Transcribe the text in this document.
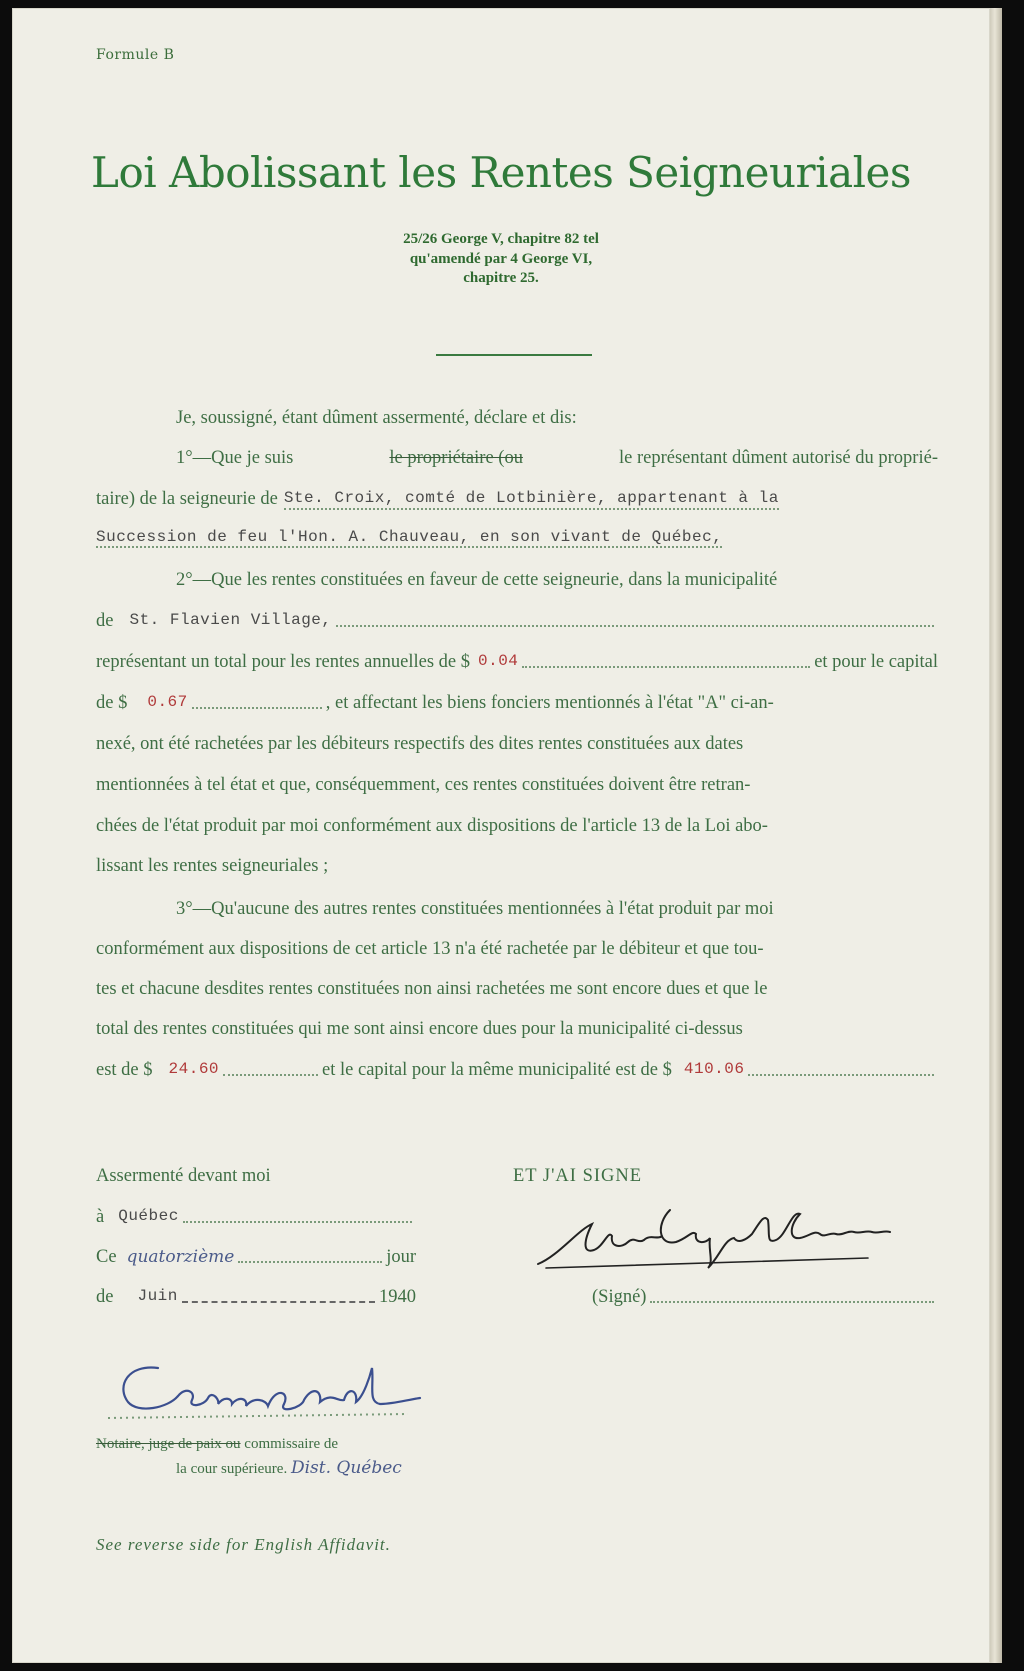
Formule B
Loi Abolissant les Rentes Seigneuriales
25/26 George V, chapitre 82 tel
qu'amendé par 4 George VI,
chapitre 25.
Je, soussigné, étant dûment assermenté, déclare et dis:
1°—Que je suis	le propriétaire (ou	le représentant dûment autorisé du proprié-
taire) de la seigneurie de Ste. Croix, comté de Lotbinière, appartenant à la
Succession de feu l'Hon. A. Chauveau, en son vivant de Québec,
2°—Que les rentes constituées en faveur de cette seigneurie, dans la municipalité
de St. Flavien Village,
représentant un total pour les rentes annuelles de $ 0.04	et pour le capital
de $ 0.67	, et affectant les biens fonciers mentionnés à l'état "A" ci-an-
nexé, ont été rachetées par les débiteurs respectifs des dites rentes constituées aux dates
mentionnées à tel état et que, conséquemment, ces rentes constituées doivent être retran-
chées de l'état produit par moi conformément aux dispositions de l'article 13 de la Loi abo-
lissant les rentes seigneuriales ;
3°—Qu'aucune des autres rentes constituées mentionnées à l'état produit par moi
conformément aux dispositions de cet article 13 n'a été rachetée par le débiteur et que tou-
tes et chacune desdites rentes constituées non ainsi rachetées me sont encore dues et que le
total des rentes constituées qui me sont ainsi encore dues pour la municipalité ci-dessus
est de $ 24.60	et le capital pour la même municipalité est de $ 410.06
Assermenté devant moi
à Québec
Ce quatorzième	jour
de Juin	1940
Notaire, juge de paix ou commissaire de
la cour supérieure. Dist. Québec
ET J'AI SIGNE
(Signé)
See reverse side for English Affidavit.
